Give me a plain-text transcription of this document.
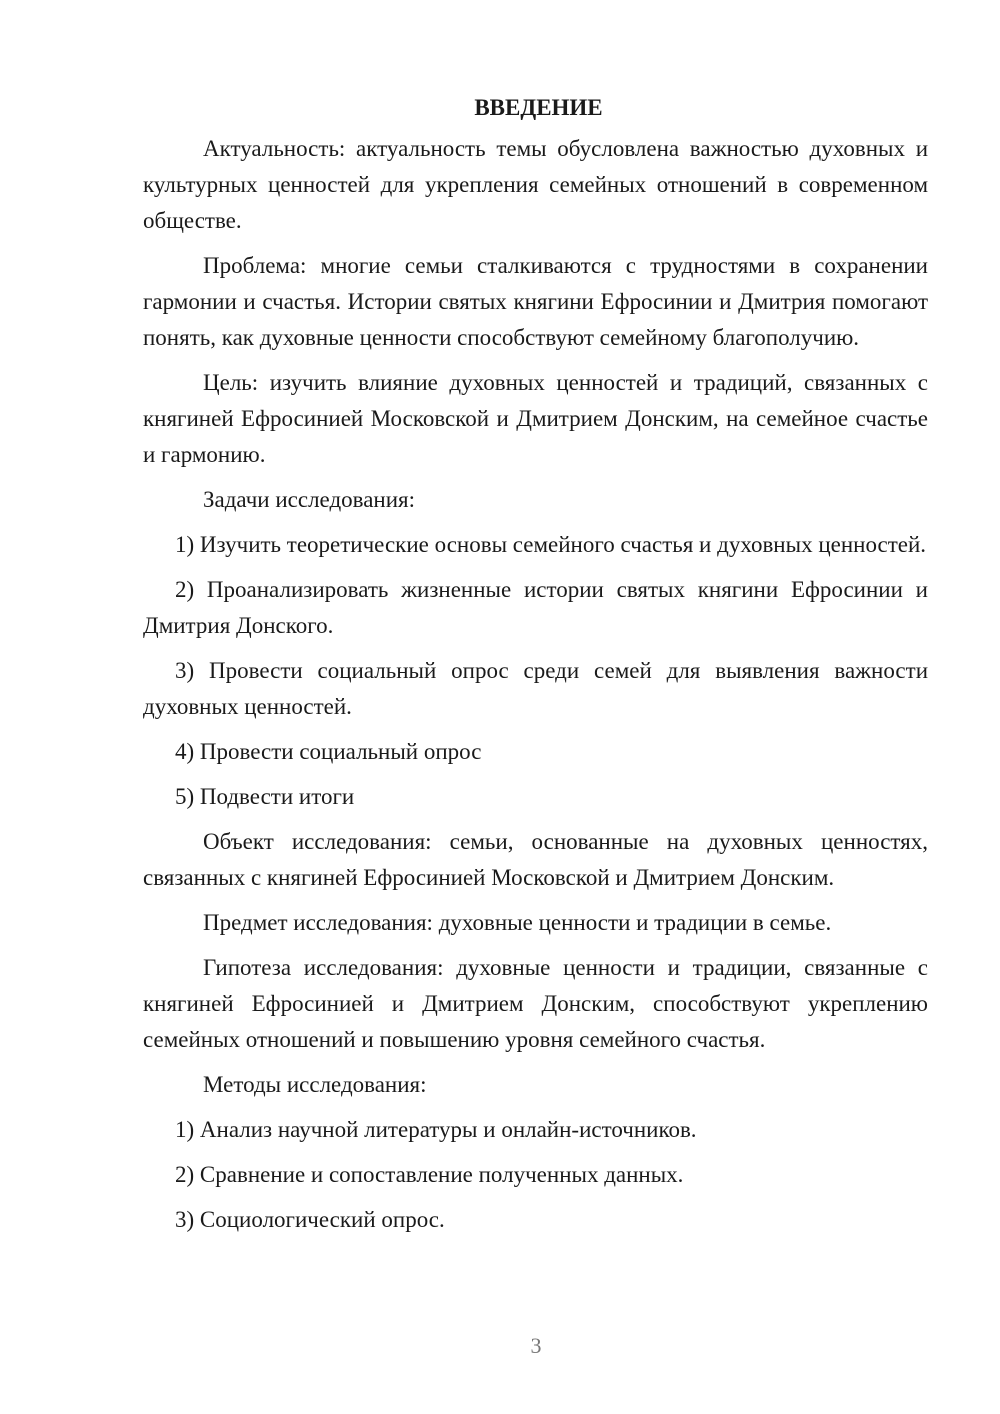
ВВЕДЕНИЕ

Актуальность: актуальность темы обусловлена важностью духовных и культурных ценностей для укрепления семейных отношений в современном обществе.

Проблема: многие семьи сталкиваются с трудностями в сохранении гармонии и счастья. Истории святых княгини Ефросинии и Дмитрия помогают понять, как духовные ценности способствуют семейному благополучию.

Цель: изучить влияние духовных ценностей и традиций, связанных с княгиней Ефросинией Московской и Дмитрием Донским, на семейное счастье и гармонию.

Задачи исследования:

1) Изучить теоретические основы семейного счастья и духовных ценностей.

2) Проанализировать жизненные истории святых княгини Ефросинии и Дмитрия Донского.

3) Провести социальный опрос среди семей для выявления важности духовных ценностей.

4) Провести социальный опрос

5) Подвести итоги

Объект исследования: семьи, основанные на духовных ценностях, связанных с княгиней Ефросинией Московской и Дмитрием Донским.

Предмет исследования: духовные ценности и традиции в семье.

Гипотеза исследования: духовные ценности и традиции, связанные с княгиней Ефросинией и Дмитрием Донским, способствуют укреплению семейных отношений и повышению уровня семейного счастья.

Методы исследования:

1) Анализ научной литературы и онлайн-источников.

2) Сравнение и сопоставление полученных данных.

3) Социологический опрос.

3
